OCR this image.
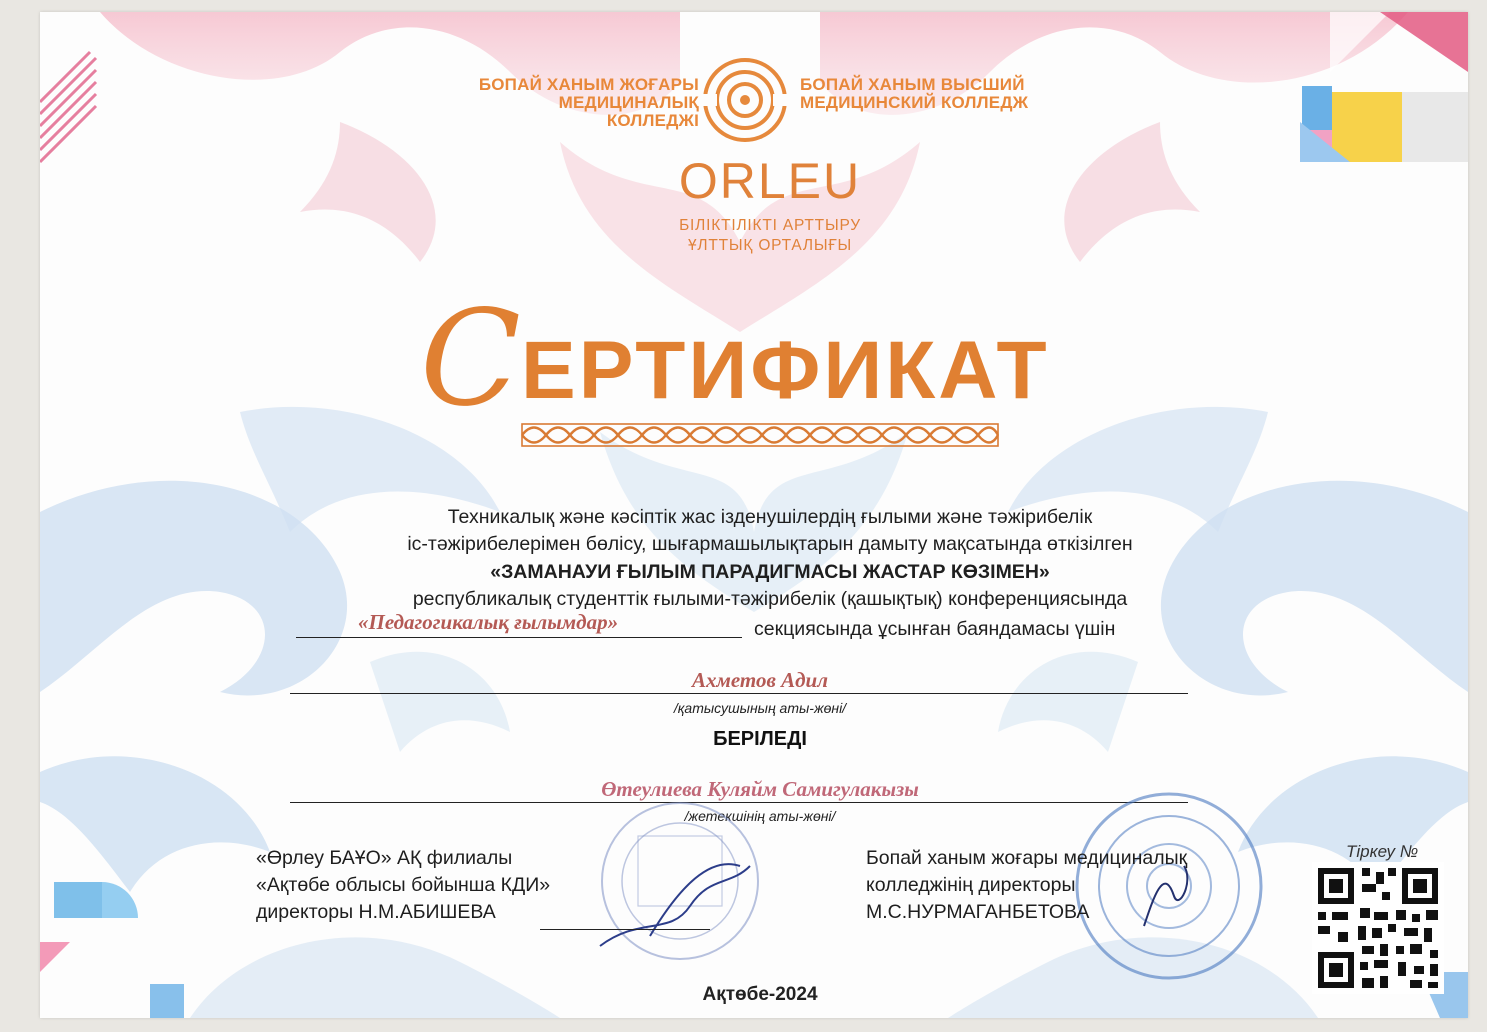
БОПАЙ ХАНЫМ ЖОҒАРЫ
МЕДИЦИНАЛЫҚ КОЛЛЕДЖІ
БОПАЙ ХАНЫМ ВЫСШИЙ
МЕДИЦИНСКИЙ КОЛЛЕДЖ
ORLEU
БІЛІКТІЛІКТІ АРТТЫРУ
ҰЛТТЫҚ ОРТАЛЫҒЫ
СЕРТИФИКАТ
Техникалық және кәсіптік жас ізденушілердің ғылыми және тәжірибелік
іс-тәжірибелерімен бөлісу, шығармашылықтарын дамыту мақсатында өткізілген
«ЗАМАНАУИ ҒЫЛЫМ ПАРАДИГМАСЫ ЖАСТАР КӨЗІМЕН»
республикалық студенттік ғылыми-тәжірибелік (қашықтық) конференциясында
«Педагогикалық ғылымдар»	секциясында ұсынған баяндамасы үшін
Ахметов Адил
/қатысушының аты-жөні/
БЕРІЛЕДІ
Өтеулиева Куляйм Самигулакызы
/жетекшінің аты-жөні/
«Өрлеу БАҰО» АҚ филиалы
«Ақтөбе облысы бойынша КДИ»
директоры Н.М.АБИШЕВА
Бопай ханым жоғары медициналық
колледжінің директоры
М.С.НУРМАГАНБЕТОВА
Тіркеу №
Ақтөбе-2024
